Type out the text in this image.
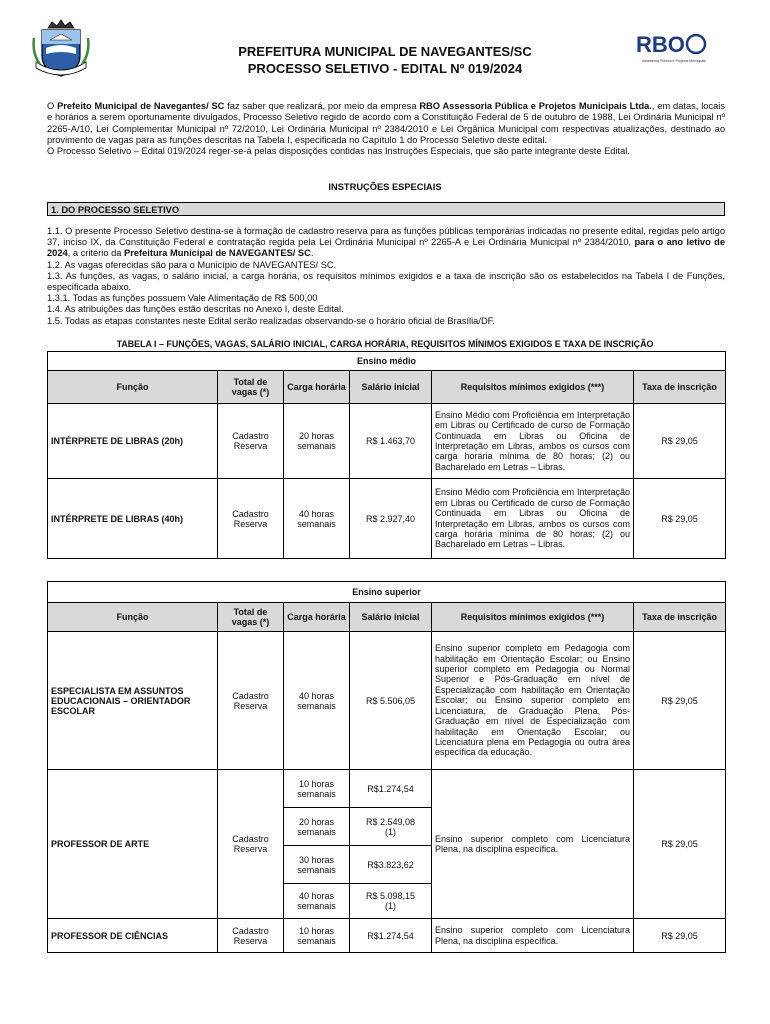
RBO
Assessoria Pública e Projetos Municipais
PREFEITURA MUNICIPAL DE NAVEGANTES/SC
PROCESSO SELETIVO - EDITAL Nº 019/2024

O Prefeito Municipal de Navegantes/ SC faz saber que realizará, por meio da empresa RBO Assessoria Pública e Projetos Municipais Ltda., em datas, locais e horários a serem oportunamente divulgados, Processo Seletivo regido de acordo com a Constituição Federal de 5 de outubro de 1988, Lei Ordinária Municipal nº 2265-A/10, Lei Complementar Municipal nº 72/2010, Lei Ordinária Municipal nº 2384/2010 e Lei Orgânica Municipal com respectivas atualizações, destinado ao provimento de vagas para as funções descritas na Tabela I, especificada no Capítulo 1 do Processo Seletivo deste edital.

O Processo Seletivo – Edital 019/2024 reger-se-á pelas disposições contidas nas Instruções Especiais, que são parte integrante deste Edital.

INSTRUÇÕES ESPECIAIS
1. DO PROCESSO SELETIVO

1.1. O presente Processo Seletivo destina-se à formação de cadastro reserva para as funções públicas temporárias indicadas no presente edital, regidas pelo artigo 37, inciso IX, da Constituição Federal e contratação regida pela Lei Ordinária Municipal nº 2265-A e Lei Ordinária Municipal nº 2384/2010, para o ano letivo de 2024, a critério da Prefeitura Municipal de NAVEGANTES/ SC.

1.2. As vagas oferecidas são para o Município de NAVEGANTES/ SC.

1.3. As funções, as vagas, o salário inicial, a carga horária, os requisitos mínimos exigidos e a taxa de inscrição são os estabelecidos na Tabela I de Funções, especificada abaixo.

1.3.1. Todas as funções possuem Vale Alimentação de R$ 500,00

1.4. As atribuições das funções estão descritas no Anexo I, deste Edital.

1.5. Todas as etapas constantes neste Edital serão realizadas observando-se o horário oficial de Brasília/DF.

TABELA I – FUNÇÕES, VAGAS, SALÁRIO INICIAL, CARGA HORÁRIA, REQUISITOS MÍNIMOS EXIGIDOS E TAXA DE INSCRIÇÃO
Ensino médio					
Função	Total de vagas (*)	Carga horária	Salário inicial	Requisitos mínimos exigidos (***)	Taxa de inscrição
INTÉRPRETE DE LIBRAS (20h)	Cadastro Reserva	20 horas
semanais	R$ 1.463,70	Ensino Médio com Proficiência em Interpretação em Libras ou Certificado de curso de Formação Continuada em Libras ou Oficina de Interpretação em Libras, ambos os cursos com carga horária mínima de 80 horas; (2) ou Bacharelado em Letras – Libras.	R$ 29,05
INTÉRPRETE DE LIBRAS (40h)	Cadastro Reserva	40 horas
semanais	R$ 2.927,40	Ensino Médio com Proficiência em Interpretação em Libras ou Certificado de curso de Formação Continuada em Libras ou Oficina de Interpretação em Libras, ambos os cursos com carga horária mínima de 80 horas; (2) ou Bacharelado em Letras – Libras.	R$ 29,05
Ensino superior					
Função	Total de vagas (*)	Carga horária	Salário inicial	Requisitos mínimos exigidos (***)	Taxa de inscrição
ESPECIALISTA EM ASSUNTOS EDUCACIONAIS – ORIENTADOR ESCOLAR	Cadastro Reserva	40 horas
semanais	R$ 5.506,05	Ensino superior completo em Pedagogia com habilitação em Orientação Escolar; ou Ensino superior completo em Pedagogia ou Normal Superior e Pós-Graduação em nível de Especialização com habilitação em Orientação Escolar; ou Ensino superior completo em Licenciatura, de Graduação Plena, Pós-Graduação em nível de Especialização com habilitação em Orientação Escolar; ou Licenciatura plena em Pedagogia ou outra área específica da educação.	R$ 29,05
PROFESSOR DE ARTE	Cadastro Reserva	10 horas
semanais	R$1.274,54	Ensino superior completo com Licenciatura Plena, na disciplina específica.	R$ 29,05
		20 horas
semanais	R$ 2.549,08
(1)		
		30 horas
semanais	R$3.823,62		
		40 horas
semanais	R$ 5.098,15
(1)		
PROFESSOR DE CIÊNCIAS	Cadastro Reserva	10 horas
semanais	R$1.274,54	Ensino superior completo com Licenciatura Plena, na disciplina específica.	R$ 29,05
